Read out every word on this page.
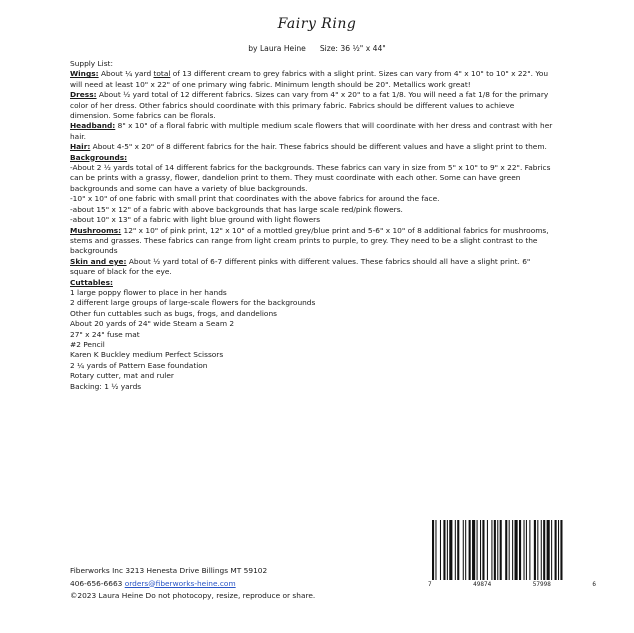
Fairy Ring
by Laura Heine Size: 36 ½" x 44"

Supply List:

Wings: About ¼ yard total of 13 different cream to grey fabrics with a slight print. Sizes can vary from 4" x 10" to 10" x 22". You will need at least 10" x 22" of one primary wing fabric. Minimum length should be 20". Metallics work great!

Dress: About ½ yard total of 12 different fabrics. Sizes can vary from 4" x 20" to a fat 1/8. You will need a fat 1/8 for the primary color of her dress. Other fabrics should coordinate with this primary fabric. Fabrics should be different values to achieve dimension. Some fabrics can be florals.

Headband: 8" x 10" of a floral fabric with multiple medium scale flowers that will coordinate with her dress and contrast with her hair.

Hair: About 4-5" x 20" of 8 different fabrics for the hair. These fabrics should be different values and have a slight print to them.

Backgrounds:

-About 2 ½ yards total of 14 different fabrics for the backgrounds. These fabrics can vary in size from 5" x 10" to 9" x 22". Fabrics can be prints with a grassy, flower, dandelion print to them. They must coordinate with each other. Some can have green backgrounds and some can have a variety of blue backgrounds.

-10" x 10" of one fabric with small print that coordinates with the above fabrics for around the face.

-about 15" x 12" of a fabric with above backgrounds that has large scale red/pink flowers.

-about 10" x 13" of a fabric with light blue ground with light flowers

Mushrooms: 12" x 10" of pink print, 12" x 10" of a mottled grey/blue print and 5-6" x 10" of 8 additional fabrics for mushrooms, stems and grasses. These fabrics can range from light cream prints to purple, to grey. They need to be a slight contrast to the backgrounds

Skin and eye: About ½ yard total of 6-7 different pinks with different values. These fabrics should all have a slight print. 6" square of black for the eye.

Cuttables:

1 large poppy flower to place in her hands

2 different large groups of large-scale flowers for the backgrounds

Other fun cuttables such as bugs, frogs, and dandelions

About 20 yards of 24" wide Steam a Seam 2

27" x 24" fuse mat

#2 Pencil

Karen K Buckley medium Perfect Scissors

2 ¼ yards of Pattern Ease foundation

Rotary cutter, mat and ruler

Backing: 1 ½ yards

Fiberworks Inc 3213 Henesta Drive Billings MT 59102

406-656-6663 orders@fiberworks-heine.com

©2023 Laura Heine Do not photocopy, resize, reproduce or share.

7	49874	57998	6
